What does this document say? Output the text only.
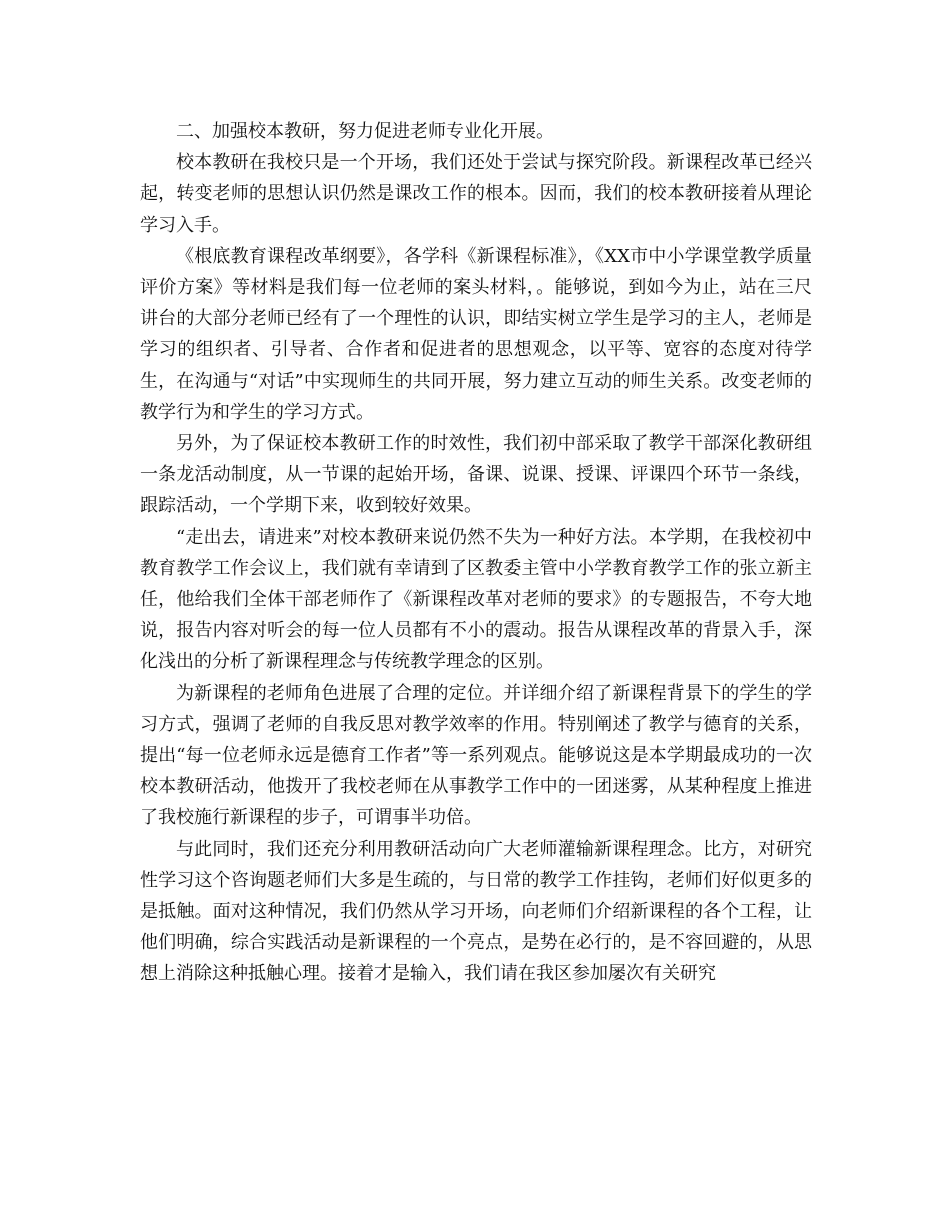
二、加强校本教研，努力促进老师专业化开展。

校本教研在我校只是一个开场，我们还处于尝试与探究阶段。新课程改革已经兴起，转变老师的思想认识仍然是课改工作的根本。因而，我们的校本教研接着从理论学习入手。

《根底教育课程改革纲要》，各学科《新课程标准》，《XX市中小学课堂教学质量评价方案》等材料是我们每一位老师的案头材料，。能够说，到如今为止，站在三尺讲台的大部分老师已经有了一个理性的认识，即结实树立学生是学习的主人，老师是学习的组织者、引导者、合作者和促进者的思想观念，以平等、宽容的态度对待学生，在沟通与“对话”中实现师生的共同开展，努力建立互动的师生关系。改变老师的教学行为和学生的学习方式。

另外，为了保证校本教研工作的时效性，我们初中部采取了教学干部深化教研组一条龙活动制度，从一节课的起始开场，备课、说课、授课、评课四个环节一条线，跟踪活动，一个学期下来，收到较好效果。

“走出去，请进来”对校本教研来说仍然不失为一种好方法。本学期，在我校初中教育教学工作会议上，我们就有幸请到了区教委主管中小学教育教学工作的张立新主任，他给我们全体干部老师作了《新课程改革对老师的要求》的专题报告，不夸大地说，报告内容对听会的每一位人员都有不小的震动。报告从课程改革的背景入手，深化浅出的分析了新课程理念与传统教学理念的区别。

为新课程的老师角色进展了合理的定位。并详细介绍了新课程背景下的学生的学习方式，强调了老师的自我反思对教学效率的作用。特别阐述了教学与德育的关系，提出“每一位老师永远是德育工作者”等一系列观点。能够说这是本学期最成功的一次校本教研活动，他拨开了我校老师在从事教学工作中的一团迷雾，从某种程度上推进了我校施行新课程的步子，可谓事半功倍。

与此同时，我们还充分利用教研活动向广大老师灌输新课程理念。比方，对研究性学习这个咨询题老师们大多是生疏的，与日常的教学工作挂钩，老师们好似更多的是抵触。面对这种情况，我们仍然从学习开场，向老师们介绍新课程的各个工程，让他们明确，综合实践活动是新课程的一个亮点，是势在必行的，是不容回避的，从思想上消除这种抵触心理。接着才是输入，我们请在我区参加屡次有关研究
